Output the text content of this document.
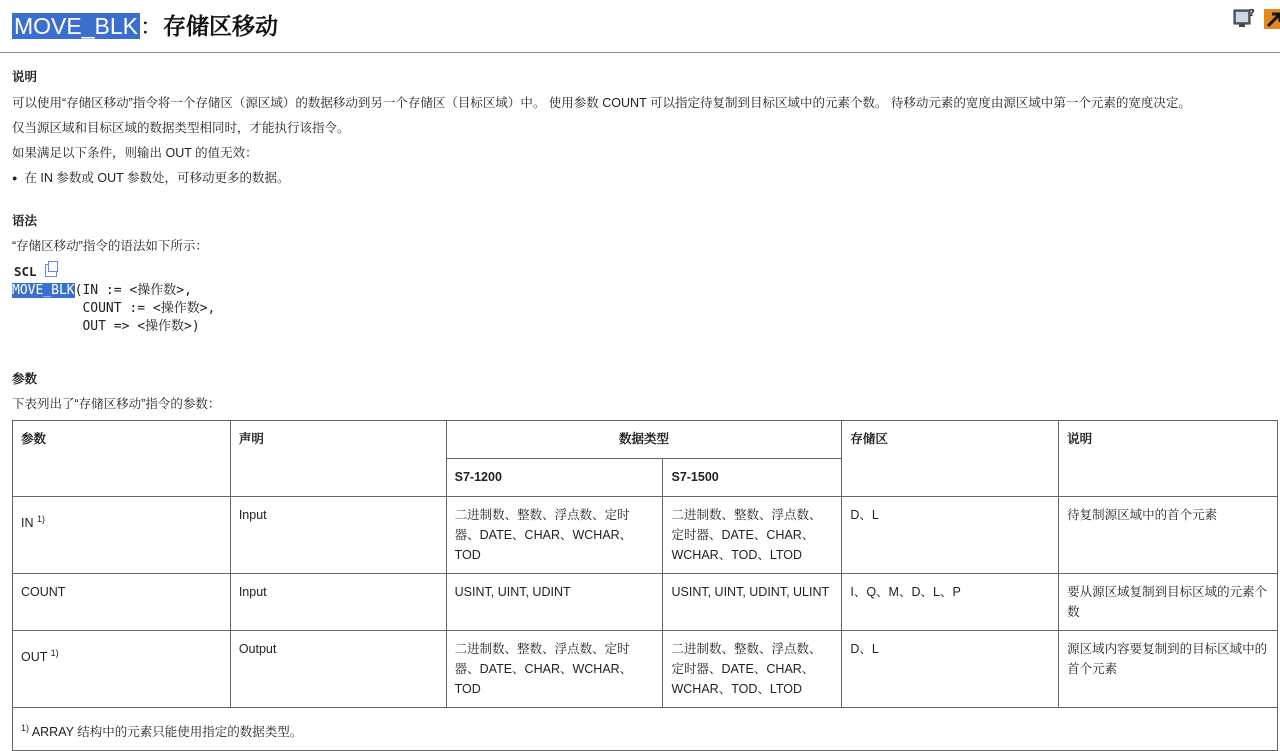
MOVE_BLK：存储区移动	?
说明
可以使用“存储区移动”指令将一个存储区（源区域）的数据移动到另一个存储区（目标区域）中。 使用参数 COUNT 可以指定待复制到目标区域中的元素个数。 待移动元素的宽度由源区域中第一个元素的宽度决定。
仅当源区域和目标区域的数据类型相同时，才能执行该指令。
如果满足以下条件，则输出 OUT 的值无效：
● 在 IN 参数或 OUT 参数处，可移动更多的数据。
语法
“存储区移动”指令的语法如下所示：
SCL
MOVE_BLK(IN := <操作数>,
COUNT := <操作数>,
OUT => <操作数>)
参数
下表列出了“存储区移动”指令的参数：
参数	声明	数据类型		存储区	说明
		S7-1200	S7-1500		
IN $^{1)}$	Input	二进制数、整数、浮点数、定时器、DATE、CHAR、WCHAR、TOD	二进制数、整数、浮点数、定时器、DATE、CHAR、WCHAR、TOD、LTOD	D、L	待复制源区域中的首个元素
COUNT	Input	USINT, UINT, UDINT	USINT, UINT, UDINT, ULINT	I、Q、M、D、L、P	要从源区域复制到目标区域的元素个数
OUT $^{1)}$	Output	二进制数、整数、浮点数、定时器、DATE、CHAR、WCHAR、TOD	二进制数、整数、浮点数、定时器、DATE、CHAR、WCHAR、TOD、LTOD	D、L	源区域内容要复制到的目标区域中的首个元素
$^{1)}$ ARRAY 结构中的元素只能使用指定的数据类型。					
